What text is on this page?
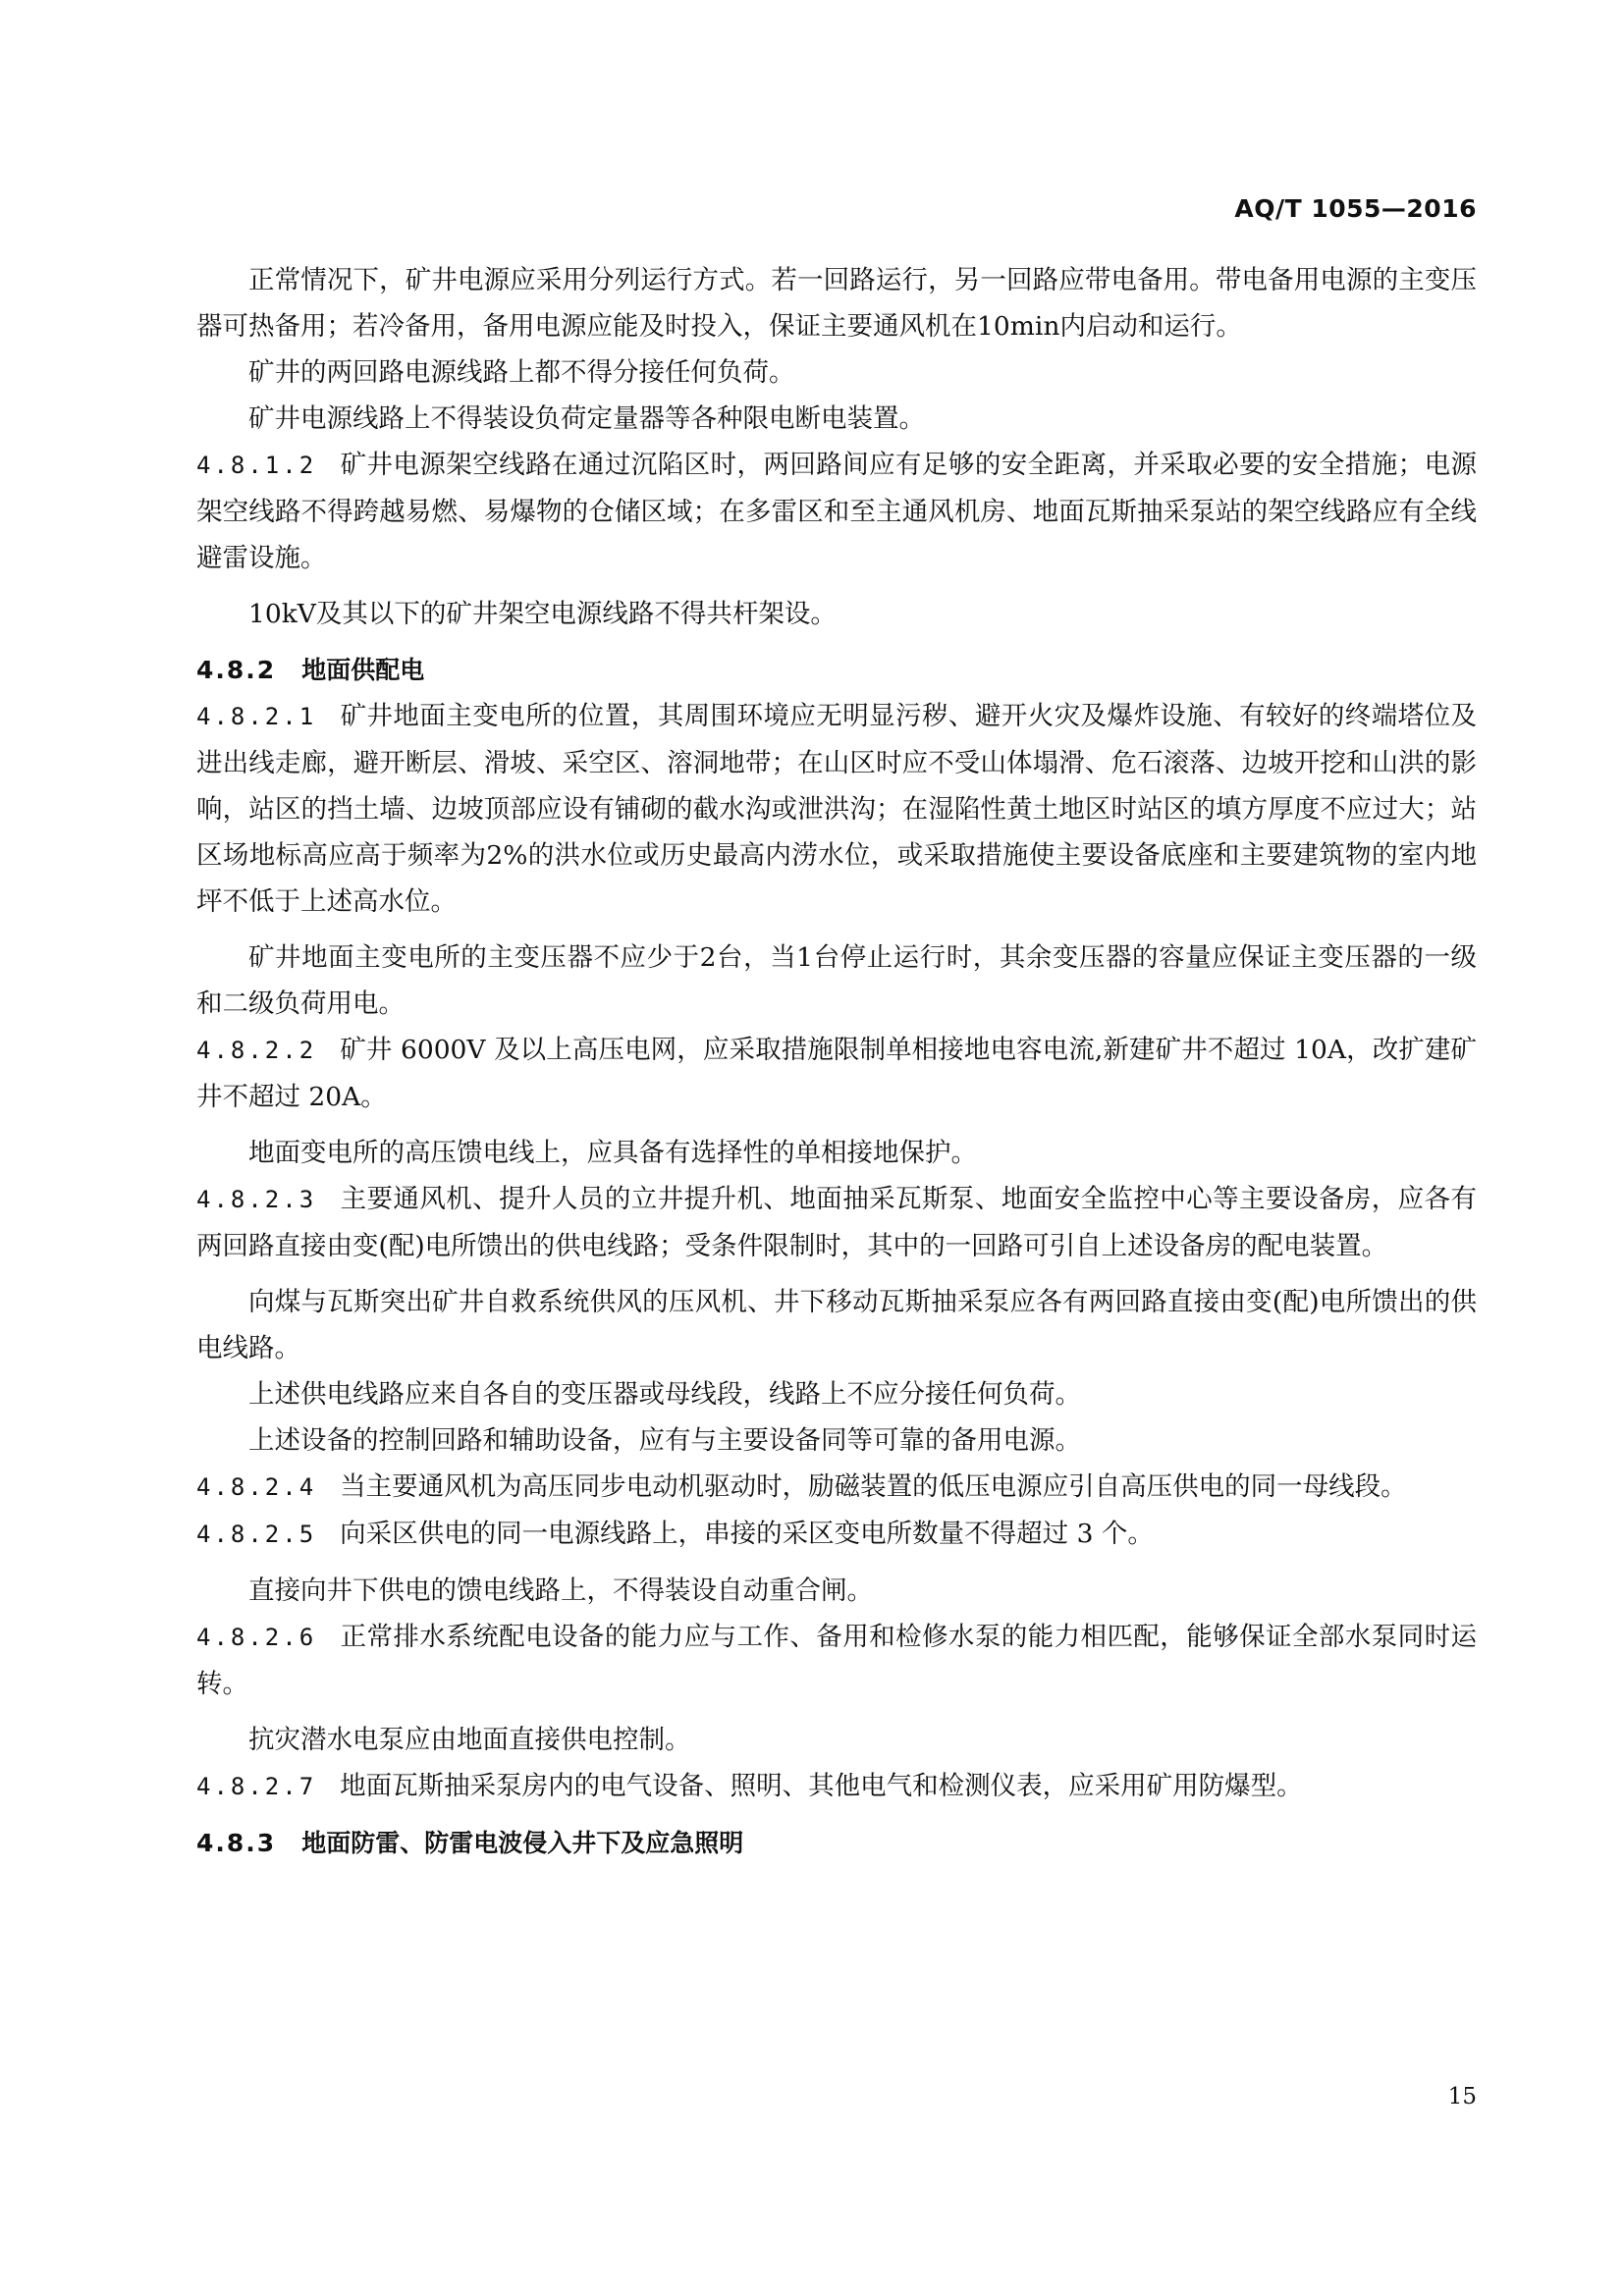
AQ/T 1055—2016

正常情况下，矿井电源应采用分列运行方式。若一回路运行，另一回路应带电备用。带电备用电源的主变压器可热备用；若冷备用，备用电源应能及时投入，保证主要通风机在10min内启动和运行。

矿井的两回路电源线路上都不得分接任何负荷。

矿井电源线路上不得装设负荷定量器等各种限电断电装置。

4.8.1.2 矿井电源架空线路在通过沉陷区时，两回路间应有足够的安全距离，并采取必要的安全措施；电源架空线路不得跨越易燃、易爆物的仓储区域；在多雷区和至主通风机房、地面瓦斯抽采泵站的架空线路应有全线避雷设施。

10kV及其以下的矿井架空电源线路不得共杆架设。

4.8.2 地面供配电

4.8.2.1 矿井地面主变电所的位置，其周围环境应无明显污秽、避开火灾及爆炸设施、有较好的终端塔位及进出线走廊，避开断层、滑坡、采空区、溶洞地带；在山区时应不受山体塌滑、危石滚落、边坡开挖和山洪的影响，站区的挡土墙、边坡顶部应设有铺砌的截水沟或泄洪沟；在湿陷性黄土地区时站区的填方厚度不应过大；站区场地标高应高于频率为2%的洪水位或历史最高内涝水位，或采取措施使主要设备底座和主要建筑物的室内地坪不低于上述高水位。

矿井地面主变电所的主变压器不应少于2台，当1台停止运行时，其余变压器的容量应保证主变压器的一级和二级负荷用电。

4.8.2.2 矿井 6000V 及以上高压电网，应采取措施限制单相接地电容电流,新建矿井不超过 10A，改扩建矿井不超过 20A。

地面变电所的高压馈电线上，应具备有选择性的单相接地保护。

4.8.2.3 主要通风机、提升人员的立井提升机、地面抽采瓦斯泵、地面安全监控中心等主要设备房，应各有两回路直接由变(配)电所馈出的供电线路；受条件限制时，其中的一回路可引自上述设备房的配电装置。

向煤与瓦斯突出矿井自救系统供风的压风机、井下移动瓦斯抽采泵应各有两回路直接由变(配)电所馈出的供电线路。

上述供电线路应来自各自的变压器或母线段，线路上不应分接任何负荷。

上述设备的控制回路和辅助设备，应有与主要设备同等可靠的备用电源。

4.8.2.4 当主要通风机为高压同步电动机驱动时，励磁装置的低压电源应引自高压供电的同一母线段。

4.8.2.5 向采区供电的同一电源线路上，串接的采区变电所数量不得超过 3 个。

直接向井下供电的馈电线路上，不得装设自动重合闸。

4.8.2.6 正常排水系统配电设备的能力应与工作、备用和检修水泵的能力相匹配，能够保证全部水泵同时运转。

抗灾潜水电泵应由地面直接供电控制。

4.8.2.7 地面瓦斯抽采泵房内的电气设备、照明、其他电气和检测仪表，应采用矿用防爆型。

4.8.3 地面防雷、防雷电波侵入井下及应急照明

15
